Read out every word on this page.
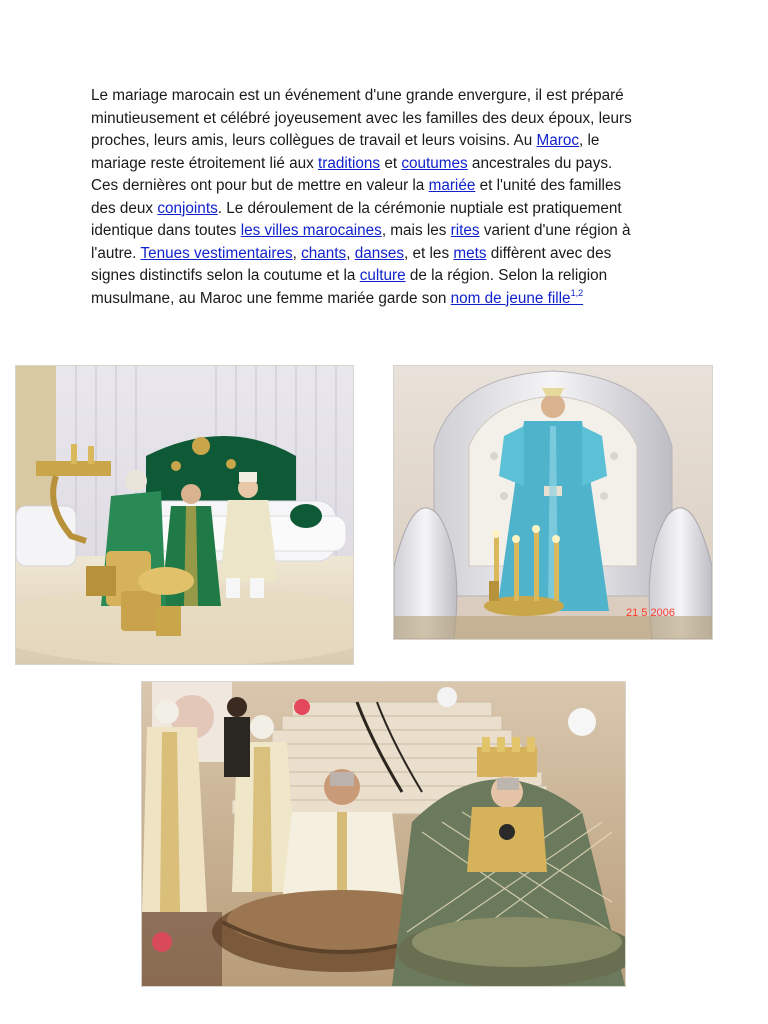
Le mariage marocain est un événement d'une grande envergure, il est préparé
minutieusement et célébré joyeusement avec les familles des deux époux, leurs
proches, leurs amis, leurs collègues de travail et leurs voisins. Au Maroc, le
mariage reste étroitement lié aux traditions et coutumes ancestrales du pays.
Ces dernières ont pour but de mettre en valeur la mariée et l'unité des familles
des deux conjoints. Le déroulement de la cérémonie nuptiale est pratiquement
identique dans toutes les villes marocaines, mais les rites varient d'une région à
l'autre. Tenues vestimentaires, chants, danses, et les mets diffèrent avec des
signes distinctifs selon la coutume et la culture de la région. Selon la religion
musulmane, au Maroc une femme mariée garde son nom de jeune fille$^{1,2}$
21 5 2006
